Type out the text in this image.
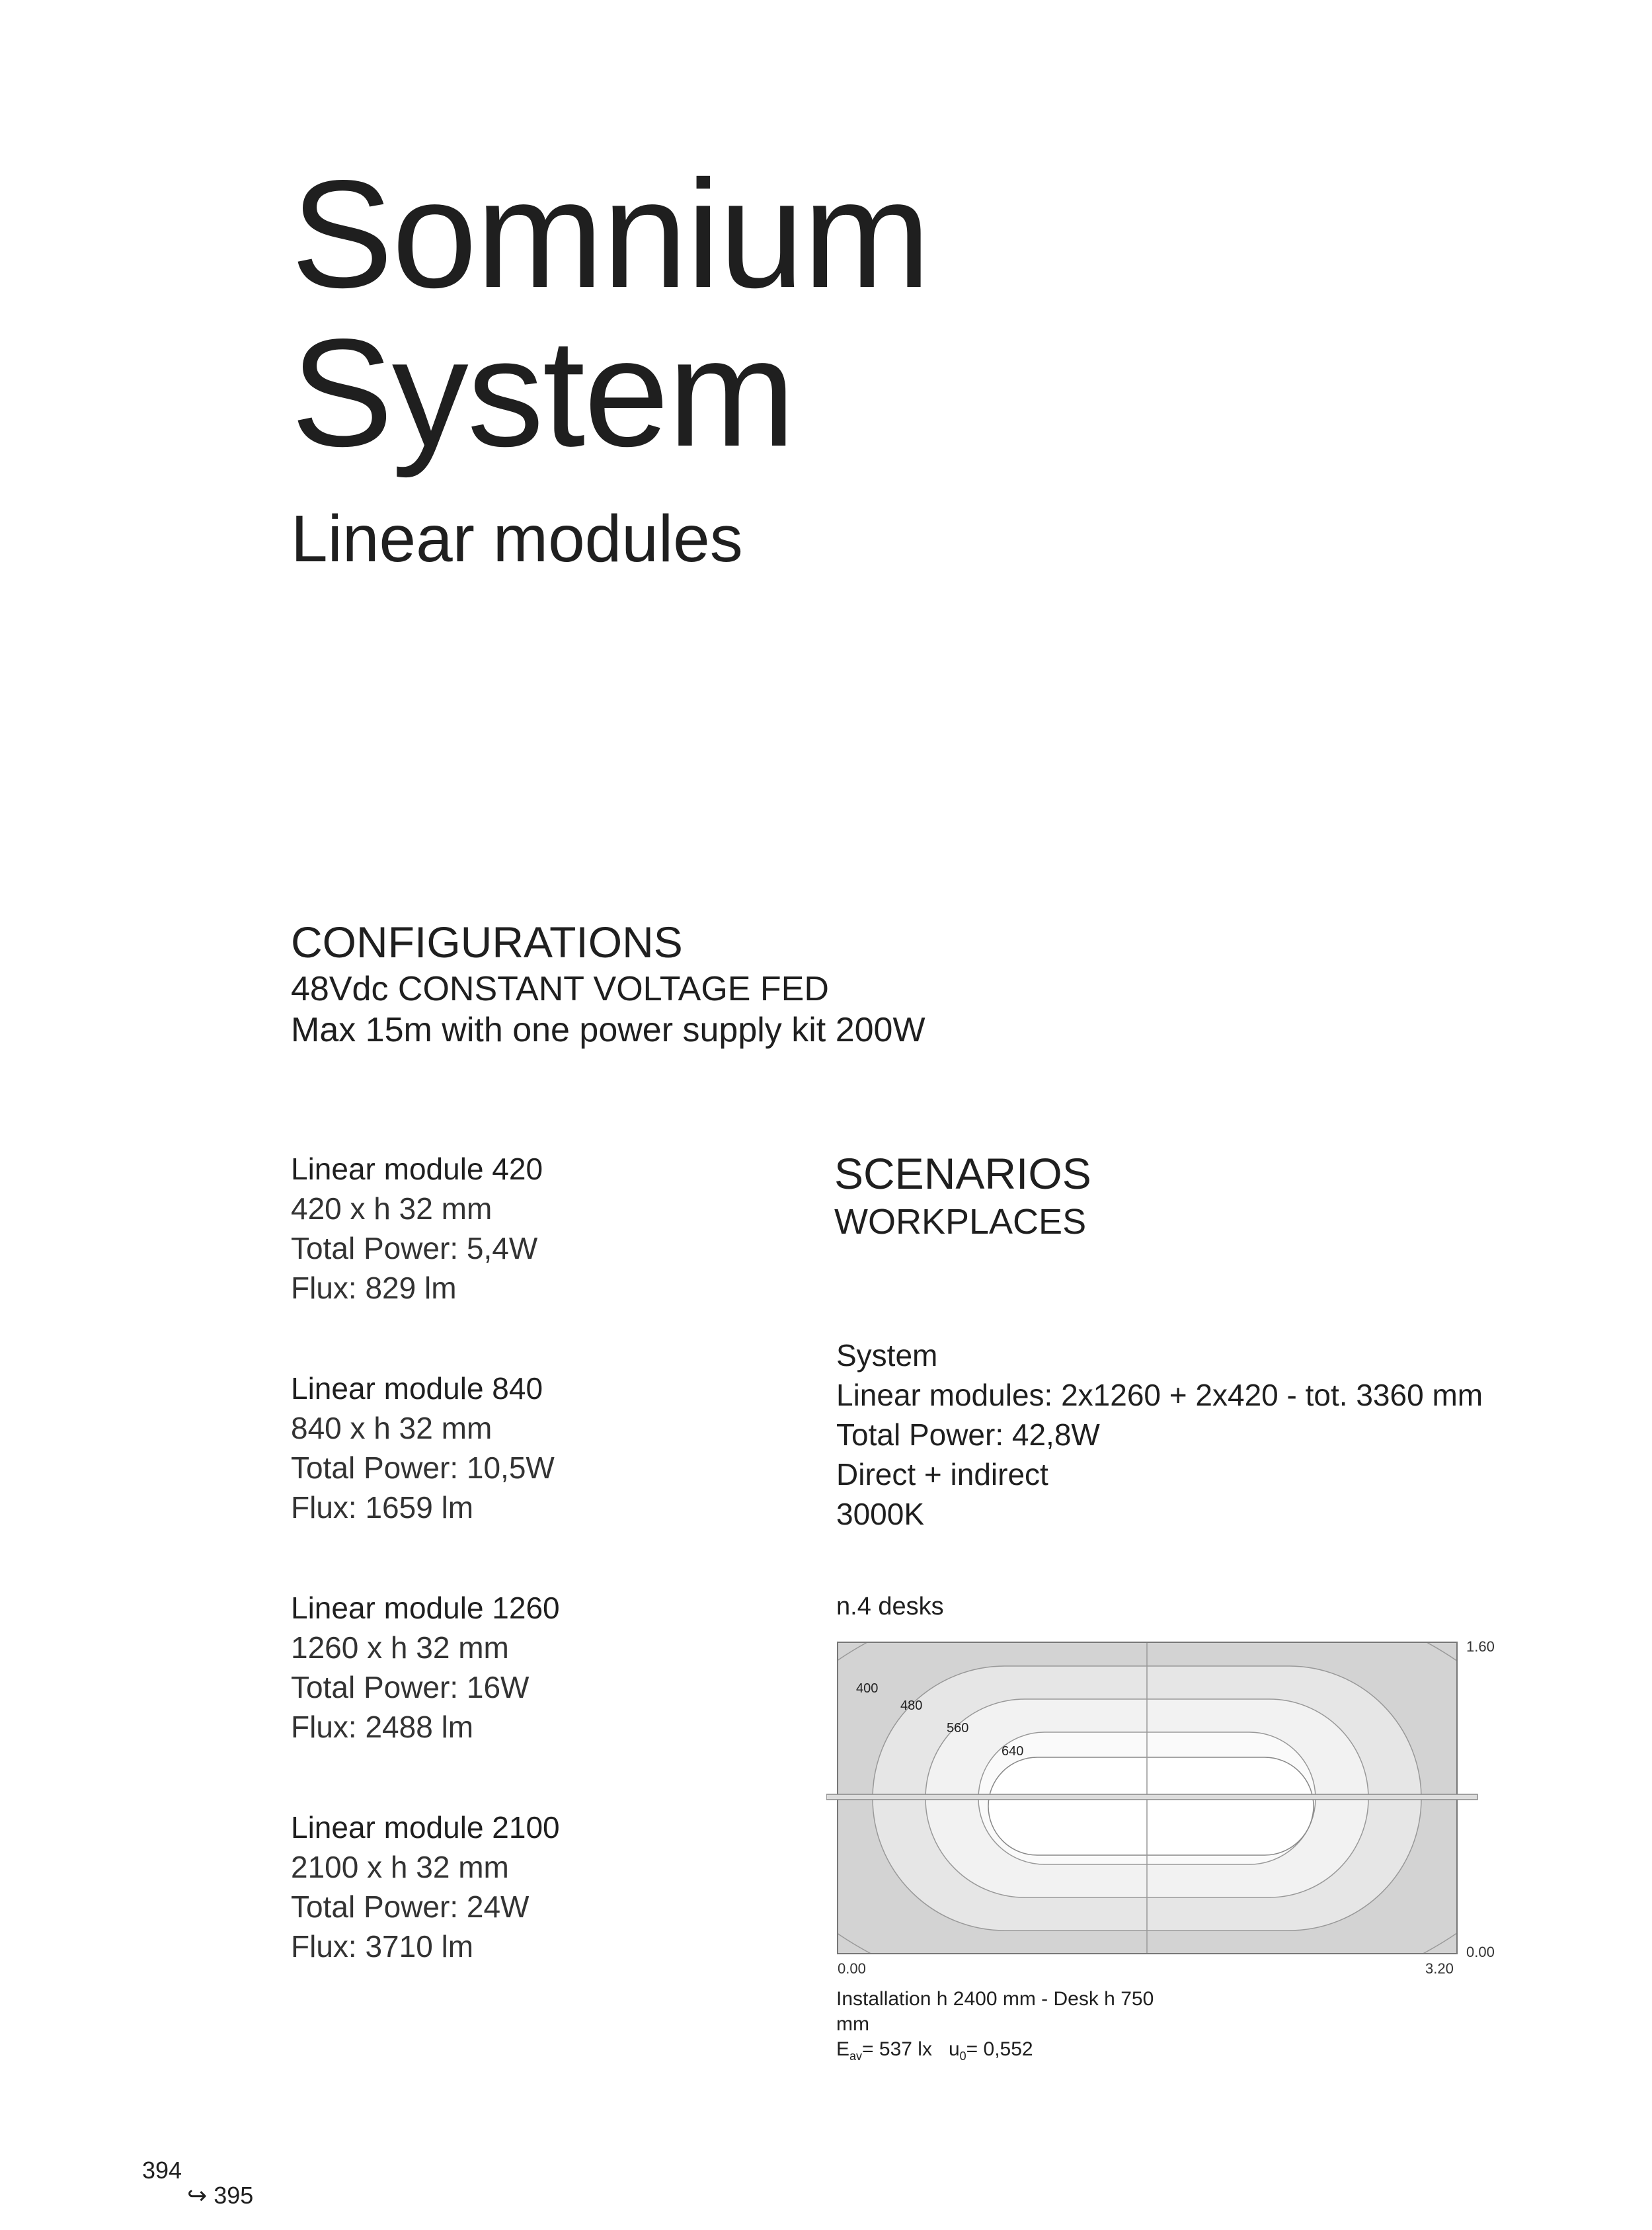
Somnium
System
Linear modules
CONFIGURATIONS
48Vdc CONSTANT VOLTAGE FED
Max 15m with one power supply kit 200W
Linear module 420
420 x h 32 mm
Total Power: 5,4W
Flux: 829 lm
Linear module 840
840 x h 32 mm
Total Power: 10,5W
Flux: 1659 lm
Linear module 1260
1260 x h 32 mm
Total Power: 16W
Flux: 2488 lm
Linear module 2100
2100 x h 32 mm
Total Power: 24W
Flux: 3710 lm
SCENARIOS
WORKPLACES
System
Linear modules: 2x1260 + 2x420 - tot. 3360 mm
Total Power: 42,8W
Direct + indirect
3000K
n.4 desks
400
480
560
640
1.60
0.00
0.00	3.20
Installation h 2400 mm - Desk h 750
mm
$E_{av}= 537$ lx $u_0= 0,552$
394
↪ 395
